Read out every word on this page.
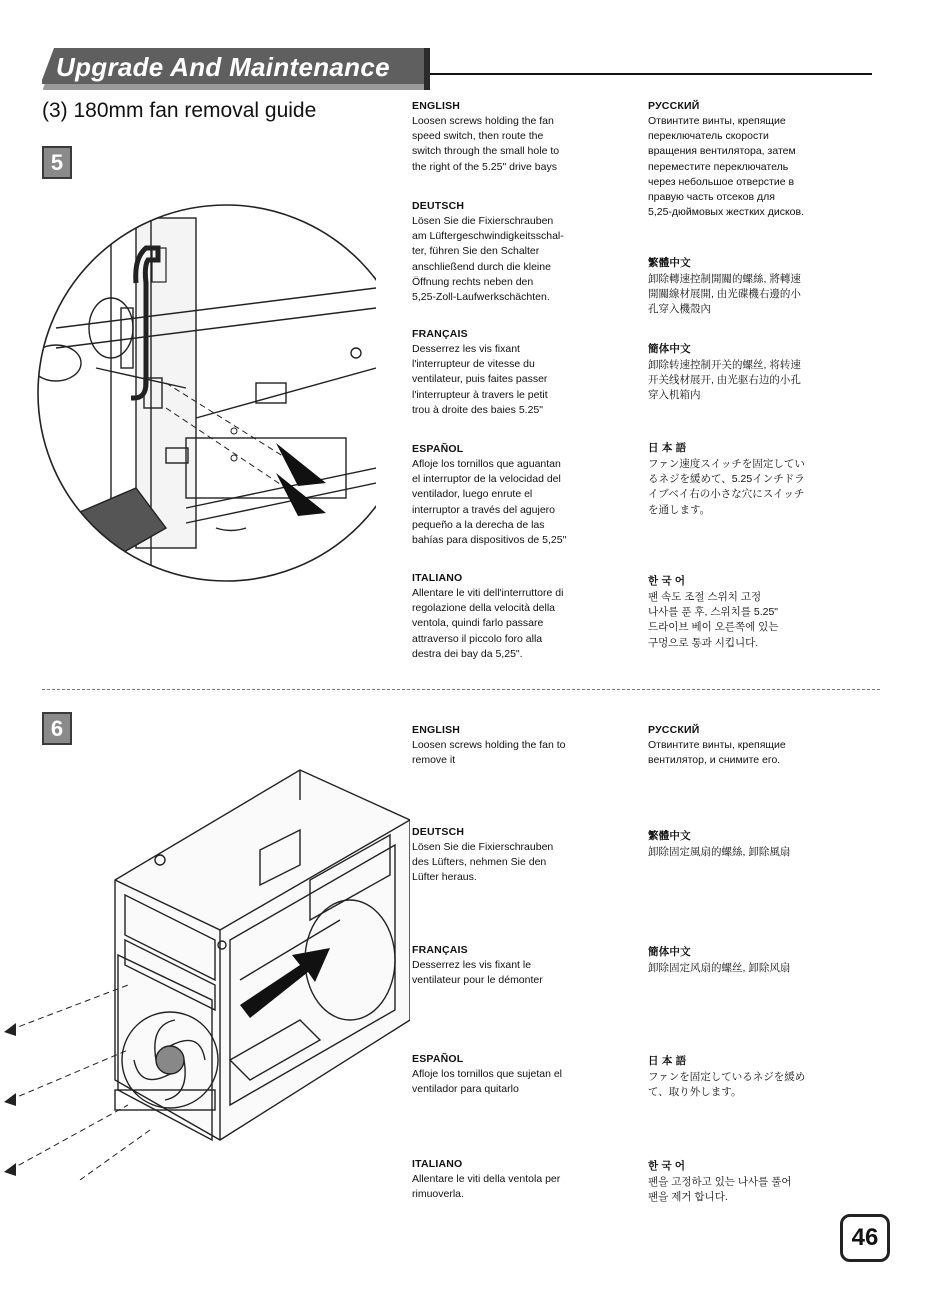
Upgrade And Maintenance
(3) 180mm fan removal guide
5
ENGLISH
Loosen screws holding the fan
speed switch, then route the
switch through the small hole to
the right of the 5.25" drive bays
DEUTSCH
Lösen Sie die Fixierschrauben
am Lüftergeschwindigkeitsschal-
ter, führen Sie den Schalter
anschließend durch die kleine
Öffnung rechts neben den
5,25-Zoll-Laufwerkschächten.
FRANÇAIS
Desserrez les vis fixant
l'interrupteur de vitesse du
ventilateur, puis faites passer
l'interrupteur à travers le petit
trou à droite des baies 5.25"
ESPAÑOL
Afloje los tornillos que aguantan
el interruptor de la velocidad del
ventilador, luego enrute el
interruptor a través del agujero
pequeño a la derecha de las
bahías para dispositivos de 5,25"
ITALIANO
Allentare le viti dell'interruttore di
regolazione della velocità della
ventola, quindi farlo passare
attraverso il piccolo foro alla
destra dei bay da 5,25".
РУССКИЙ
Отвинтите винты, крепящие
переключатель скорости
вращения вентилятора, затем
переместите переключатель
через небольшое отверстие в
правую часть отсеков для
5,25-дюймовых жестких дисков.
繁體中文
卸除轉速控制開關的螺絲, 將轉速
開關線材展開, 由光碟機右邊的小
孔穿入機殼內
簡体中文
卸除转速控制开关的螺丝, 将转速
开关线材展开, 由光驱右边的小孔
穿入机箱内
日 本 語
ファン速度スイッチを固定してい
るネジを緩めて、5.25インチドラ
イブベイ右の小さな穴にスイッチ
を通します。
한 국 어
팬 속도 조절 스위치 고정
나사를 푼 후, 스위치를 5.25"
드라이브 베이 오른쪽에 있는
구멍으로 통과 시킵니다.
6	ENGLISH
Loosen screws holding the fan to
remove it
DEUTSCH
Lösen Sie die Fixierschrauben
des Lüfters, nehmen Sie den
Lüfter heraus.
FRANÇAIS
Desserrez les vis fixant le
ventilateur pour le démonter
ESPAÑOL
Afloje los tornillos que sujetan el
ventilador para quitarlo
ITALIANO
Allentare le viti della ventola per
rimuoverla.
РУССКИЙ
Отвинтите винты, крепящие
вентилятор, и снимите его.
繁體中文
卸除固定風扇的螺絲, 卸除風扇
簡体中文
卸除固定风扇的螺丝, 卸除风扇
日 本 語
ファンを固定しているネジを緩め
て、取り外します。
한 국 어
팬을 고정하고 있는 나사를 풀어
팬을 제거 합니다.
46
